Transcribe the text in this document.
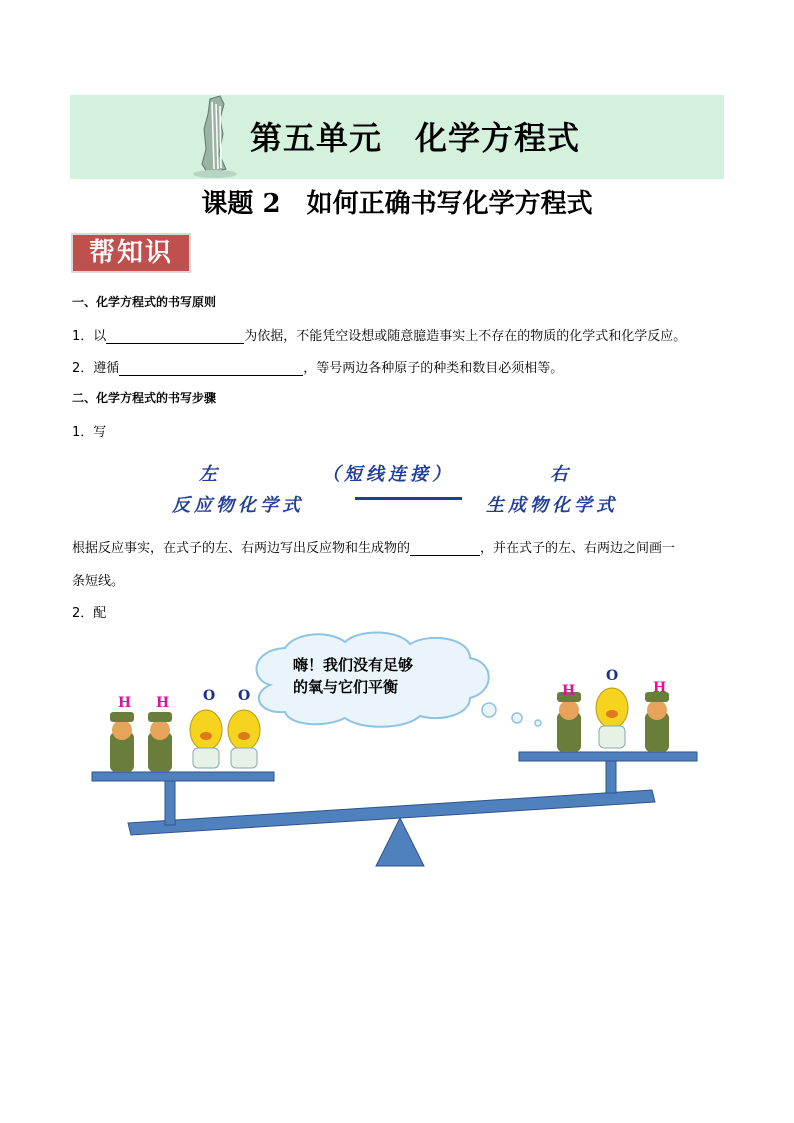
第五单元　化学方程式
课题 2　如何正确书写化学方程式
帮知识
一、化学方程式的书写原则
1．以	为依据，不能凭空设想或随意臆造事实上不存在的物质的化学式和化学反应。
2．遵循	，等号两边各种原子的种类和数目必须相等。
二、化学方程式的书写步骤
1．写
左	（短线连接）	右
反应物化学式	生成物化学式
根据反应事实，在式子的左、右两边写出反应物和生成物的	，并在式子的左、右两边之间画一
条短线。
2．配
嗨！我们没有足够
的氧与它们平衡
H H O O	H
O
H
